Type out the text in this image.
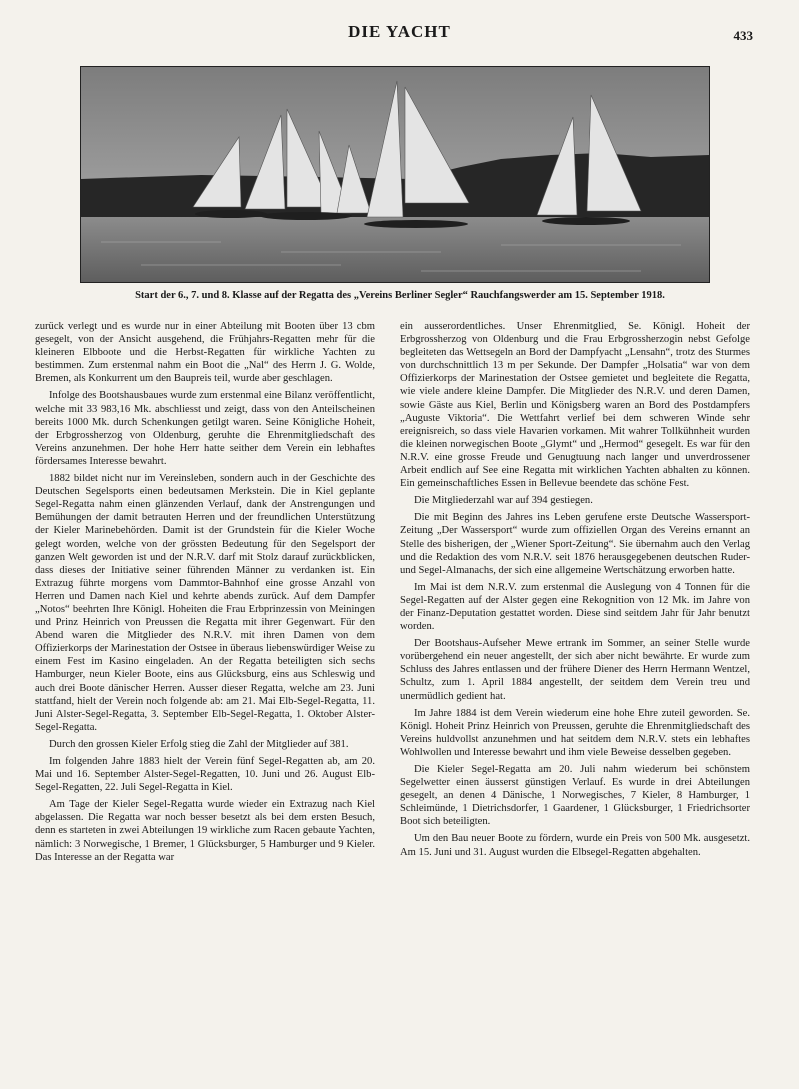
DIE YACHT	433
Start der 6., 7. und 8. Klasse auf der Regatta des „Vereins Berliner Segler“ Rauchfangswerder am 15. September 1918.

zurück verlegt und es wurde nur in einer Abteilung mit Booten über 13 cbm gesegelt, von der Ansicht ausgehend, die Frühjahrs-Regatten mehr für die kleineren Elbboote und die Herbst-Regatten für wirkliche Yachten zu bestimmen. Zum erstenmal nahm ein Boot die „Nal“ des Herrn J. G. Wolde, Bremen, als Konkurrent um den Baupreis teil, wurde aber geschlagen.

Infolge des Bootshausbaues wurde zum erstenmal eine Bilanz veröffentlicht, welche mit 33 983,16 Mk. abschliesst und zeigt, dass von den Anteilscheinen bereits 1000 Mk. durch Schenkungen getilgt waren. Seine Königliche Hoheit, der Erbgrossherzog von Oldenburg, geruhte die Ehrenmitgliedschaft des Vereins anzunehmen. Der hohe Herr hatte seither dem Verein ein lebhaftes fördersames Interesse bewahrt.

1882 bildet nicht nur im Vereinsleben, sondern auch in der Geschichte des Deutschen Segelsports einen bedeutsamen Merkstein. Die in Kiel geplante Segel-Regatta nahm einen glänzenden Verlauf, dank der Anstrengungen und Bemühungen der damit betrauten Herren und der freundlichen Unterstützung der Kieler Marinebehörden. Damit ist der Grundstein für die Kieler Woche gelegt worden, welche von der grössten Bedeutung für den Segelsport der ganzen Welt geworden ist und der N.R.V. darf mit Stolz darauf zurückblicken, dass dieses der Initiative seiner führenden Männer zu verdanken ist. Ein Extrazug führte morgens vom Dammtor-Bahnhof eine grosse Anzahl von Herren und Damen nach Kiel und kehrte abends zurück. Auf dem Dampfer „Notos“ beehrten Ihre Königl. Hoheiten die Frau Erbprinzessin von Meiningen und Prinz Heinrich von Preussen die Regatta mit ihrer Gegenwart. Für den Abend waren die Mitglieder des N.R.V. mit ihren Damen von dem Offizierkorps der Marinestation der Ostsee in überaus liebenswürdiger Weise zu einem Fest im Kasino eingeladen. An der Regatta beteiligten sich sechs Hamburger, neun Kieler Boote, eins aus Glücksburg, eins aus Schleswig und auch drei Boote dänischer Herren. Ausser dieser Regatta, welche am 23. Juni stattfand, hielt der Verein noch folgende ab: am 21. Mai Elb-Segel-Regatta, 11. Juni Alster-Segel-Regatta, 3. September Elb-Segel-Regatta, 1. Oktober Alster-Segel-Regatta.

Durch den grossen Kieler Erfolg stieg die Zahl der Mitglieder auf 381.

Im folgenden Jahre 1883 hielt der Verein fünf Segel-Regatten ab, am 20. Mai und 16. September Alster-Segel-Regatten, 10. Juni und 26. August Elb-Segel-Regatten, 22. Juli Segel-Regatta in Kiel.

Am Tage der Kieler Segel-Regatta wurde wieder ein Extrazug nach Kiel abgelassen. Die Regatta war noch besser besetzt als bei dem ersten Besuch, denn es starteten in zwei Abteilungen 19 wirkliche zum Racen gebaute Yachten, nämlich: 3 Norwegische, 1 Bremer, 1 Glücksburger, 5 Hamburger und 9 Kieler. Das Interesse an der Regatta war

ein ausserordentliches. Unser Ehrenmitglied, Se. Königl. Hoheit der Erbgrossherzog von Oldenburg und die Frau Erbgrossherzogin nebst Gefolge begleiteten das Wettsegeln an Bord der Dampfyacht „Lensahn“, trotz des Sturmes von durchschnittlich 13 m per Sekunde. Der Dampfer „Holsatia“ war von dem Offizierkorps der Marinestation der Ostsee gemietet und begleitete die Regatta, wie viele andere kleine Dampfer. Die Mitglieder des N.R.V. und deren Damen, sowie Gäste aus Kiel, Berlin und Königsberg waren an Bord des Postdampfers „Auguste Viktoria“. Die Wettfahrt verlief bei dem schweren Winde sehr ereignisreich, so dass viele Havarien vorkamen. Mit wahrer Tollkühnheit wurden die kleinen norwegischen Boote „Glymt“ und „Hermod“ gesegelt. Es war für den N.R.V. eine grosse Freude und Genugtuung nach langer und unverdrossener Arbeit endlich auf See eine Regatta mit wirklichen Yachten abhalten zu können. Ein gemeinschaftliches Essen in Bellevue beendete das schöne Fest.

Die Mitgliederzahl war auf 394 gestiegen.

Die mit Beginn des Jahres ins Leben gerufene erste Deutsche Wassersport-Zeitung „Der Wassersport“ wurde zum offiziellen Organ des Vereins ernannt an Stelle des bisherigen, der „Wiener Sport-Zeitung“. Sie übernahm auch den Verlag und die Redaktion des vom N.R.V. seit 1876 herausgegebenen deutschen Ruder- und Segel-Almanachs, der sich eine allgemeine Wertschätzung erworben hatte.

Im Mai ist dem N.R.V. zum erstenmal die Auslegung von 4 Tonnen für die Segel-Regatten auf der Alster gegen eine Rekognition von 12 Mk. im Jahre von der Finanz-Deputation gestattet worden. Diese sind seitdem Jahr für Jahr benutzt worden.

Der Bootshaus-Aufseher Mewe ertrank im Sommer, an seiner Stelle wurde vorübergehend ein neuer angestellt, der sich aber nicht bewährte. Er wurde zum Schluss des Jahres entlassen und der frühere Diener des Herrn Hermann Wentzel, Schultz, zum 1. April 1884 angestellt, der seitdem dem Verein treu und unermüdlich gedient hat.

Im Jahre 1884 ist dem Verein wiederum eine hohe Ehre zuteil geworden. Se. Königl. Hoheit Prinz Heinrich von Preussen, geruhte die Ehrenmitgliedschaft des Vereins huldvollst anzunehmen und hat seitdem dem N.R.V. stets ein lebhaftes Wohlwollen und Interesse bewahrt und ihm viele Beweise desselben gegeben.

Die Kieler Segel-Regatta am 20. Juli nahm wiederum bei schönstem Segelwetter einen äusserst günstigen Verlauf. Es wurde in drei Abteilungen gesegelt, an denen 4 Dänische, 1 Norwegisches, 7 Kieler, 8 Hamburger, 1 Schleimünde, 1 Dietrichsdorfer, 1 Gaardener, 1 Glücksburger, 1 Friedrichsorter Boot sich beteiligten.

Um den Bau neuer Boote zu fördern, wurde ein Preis von 500 Mk. ausgesetzt. Am 15. Juni und 31. August wurden die Elbsegel-Regatten abgehalten.
